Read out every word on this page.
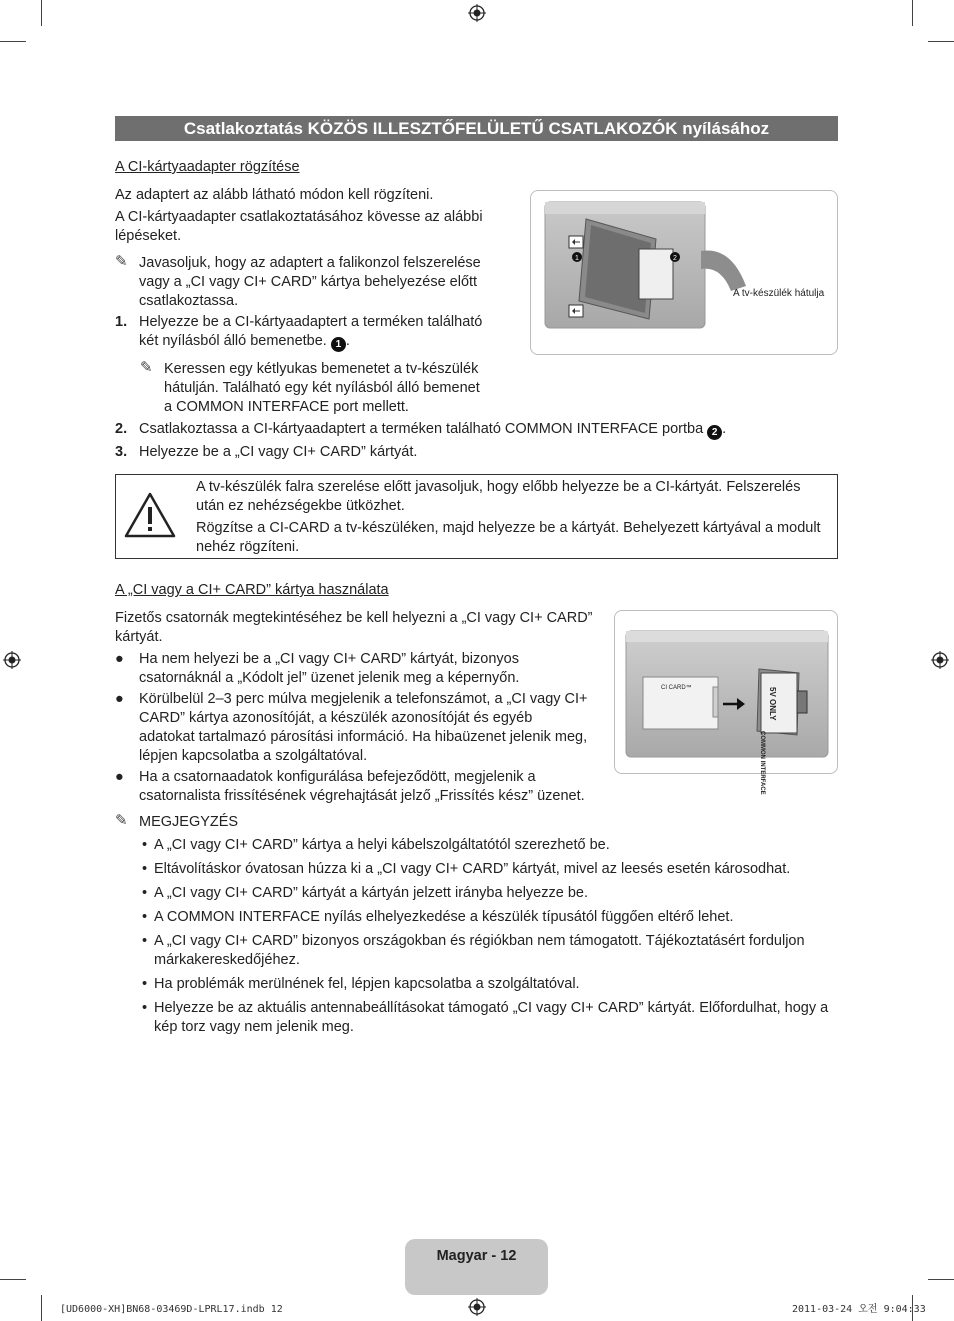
Csatlakoztatás KÖZÖS ILLESZTŐFELÜLETŰ CSATLAKOZÓK nyílásához
A CI-kártyaadapter rögzítése
Az adaptert az alább látható módon kell rögzíteni.
A CI-kártyaadapter csatlakoztatásához kövesse az alábbi lépéseket.
✎ Javasoljuk, hogy az adaptert a falikonzol felszerelése vagy a „CI vagy CI+ CARD” kártya behelyezése előtt csatlakoztassa.
1. Helyezze be a CI-kártyaadaptert a terméken található két nyílásból álló bemenetbe. 1 .
✎ Keressen egy kétlyukas bemenetet a tv-készülék hátulján. Található egy két nyílásból álló bemenet a COMMON INTERFACE port mellett.
2. Csatlakoztassa a CI-kártyaadaptert a terméken található COMMON INTERFACE portba 2 .
3. Helyezze be a „CI vagy CI+ CARD” kártyát.
1	2
A tv-készülék hátulja
A tv-készülék falra szerelése előtt javasoljuk, hogy előbb helyezze be a CI-kártyát. Felszerelés után ez nehézségekbe ütközhet.
Rögzítse a CI-CARD a tv-készüléken, majd helyezze be a kártyát. Behelyezett kártyával a modult nehéz rögzíteni.
A „CI vagy a CI+ CARD” kártya használata
Fizetős csatornák megtekintéséhez be kell helyezni a „CI vagy CI+ CARD” kártyát.
● Ha nem helyezi be a „CI vagy CI+ CARD” kártyát, bizonyos csatornáknál a „Kódolt jel” üzenet jelenik meg a képernyőn.
● Körülbelül 2–3 perc múlva megjelenik a telefonszámot, a „CI vagy CI+ CARD” kártya azonosítóját, a készülék azonosítóját és egyéb adatokat tartalmazó párosítási információ. Ha hibaüzenet jelenik meg, lépjen kapcsolatba a szolgáltatóval.
● Ha a csatornaadatok konfigurálása befejeződött, megjelenik a csatornalista frissítésének végrehajtását jelző „Frissítés kész” üzenet.
✎ MEGJEGYZÉS
• A „CI vagy CI+ CARD” kártya a helyi kábelszolgáltatótól szerezhető be.
• Eltávolításkor óvatosan húzza ki a „CI vagy CI+ CARD” kártyát, mivel az leesés esetén károsodhat.
• A „CI vagy CI+ CARD” kártyát a kártyán jelzett irányba helyezze be.
• A COMMON INTERFACE nyílás elhelyezkedése a készülék típusától függően eltérő lehet.
• A „CI vagy CI+ CARD” bizonyos országokban és régiókban nem támogatott. Tájékoztatásért forduljon márkakereskedőjéhez.
• Ha problémák merülnének fel, lépjen kapcsolatba a szolgáltatóval.
• Helyezze be az aktuális antennabeállításokat támogató „CI vagy CI+ CARD” kártyát. Előfordulhat, hogy a kép torz vagy nem jelenik meg.
CI CARD™
COMMON INTERFACE
5V ONLY
Magyar - 12
[UD6000-XH]BN68-03469D-LPRL17.indb 12	2011-03-24 오전 9:04:33
